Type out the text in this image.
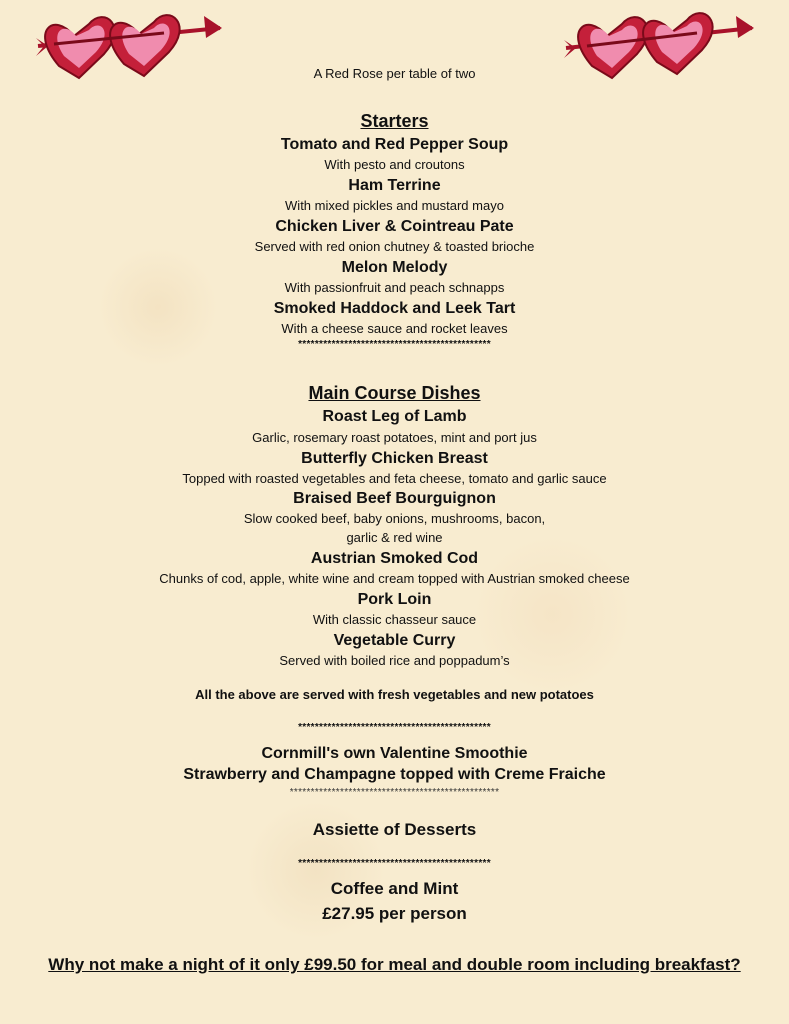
A Red Rose per table of two
Starters
Tomato and Red Pepper Soup
With pesto and croutons
Ham Terrine
With mixed pickles and mustard mayo
Chicken Liver & Cointreau Pate
Served with red onion chutney & toasted brioche
Melon Melody
With passionfruit and peach schnapps
Smoked Haddock and Leek Tart
With a cheese sauce and rocket leaves
**********************************************
Main Course Dishes
Roast Leg of Lamb
Garlic, rosemary roast potatoes, mint and port jus
Butterfly Chicken Breast
Topped with roasted vegetables and feta cheese, tomato and garlic sauce
Braised Beef Bourguignon
Slow cooked beef, baby onions, mushrooms, bacon,
garlic & red wine
Austrian Smoked Cod
Chunks of cod, apple, white wine and cream topped with Austrian smoked cheese
Pork Loin
With classic chasseur sauce
Vegetable Curry
Served with boiled rice and poppadum’s
All the above are served with fresh vegetables and new potatoes
**********************************************
Cornmill's own Valentine Smoothie
Strawberry and Champagne topped with Creme Fraiche
**************************************************
Assiette of Desserts
**********************************************
Coffee and Mint
£27.95 per person
Why not make a night of it only £99.50 for meal and double room including breakfast?
